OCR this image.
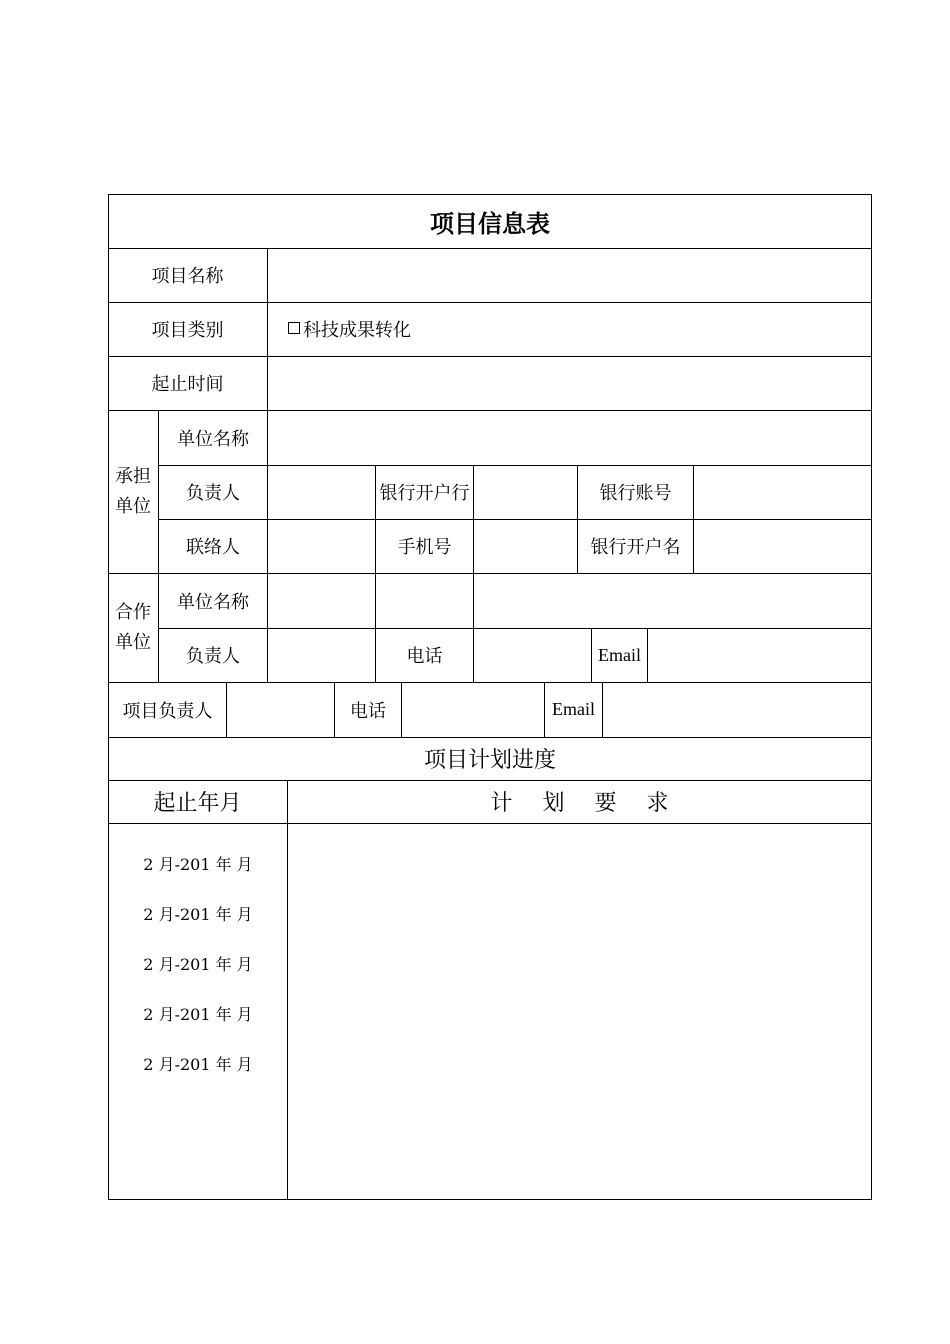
项目信息表
项目名称
项目类别	科技成果转化
起止时间
承担
单位
单位名称
负责人	银行开户行	银行账号
联络人	手机号	银行开户名
合作
单位
单位名称
负责人	电话	Email
项目负责人	电话	Email
项目计划进度
起止年月	计划要求
2 月-201 年 月
2 月-201 年 月
2 月-201 年 月
2 月-201 年 月
2 月-201 年 月
